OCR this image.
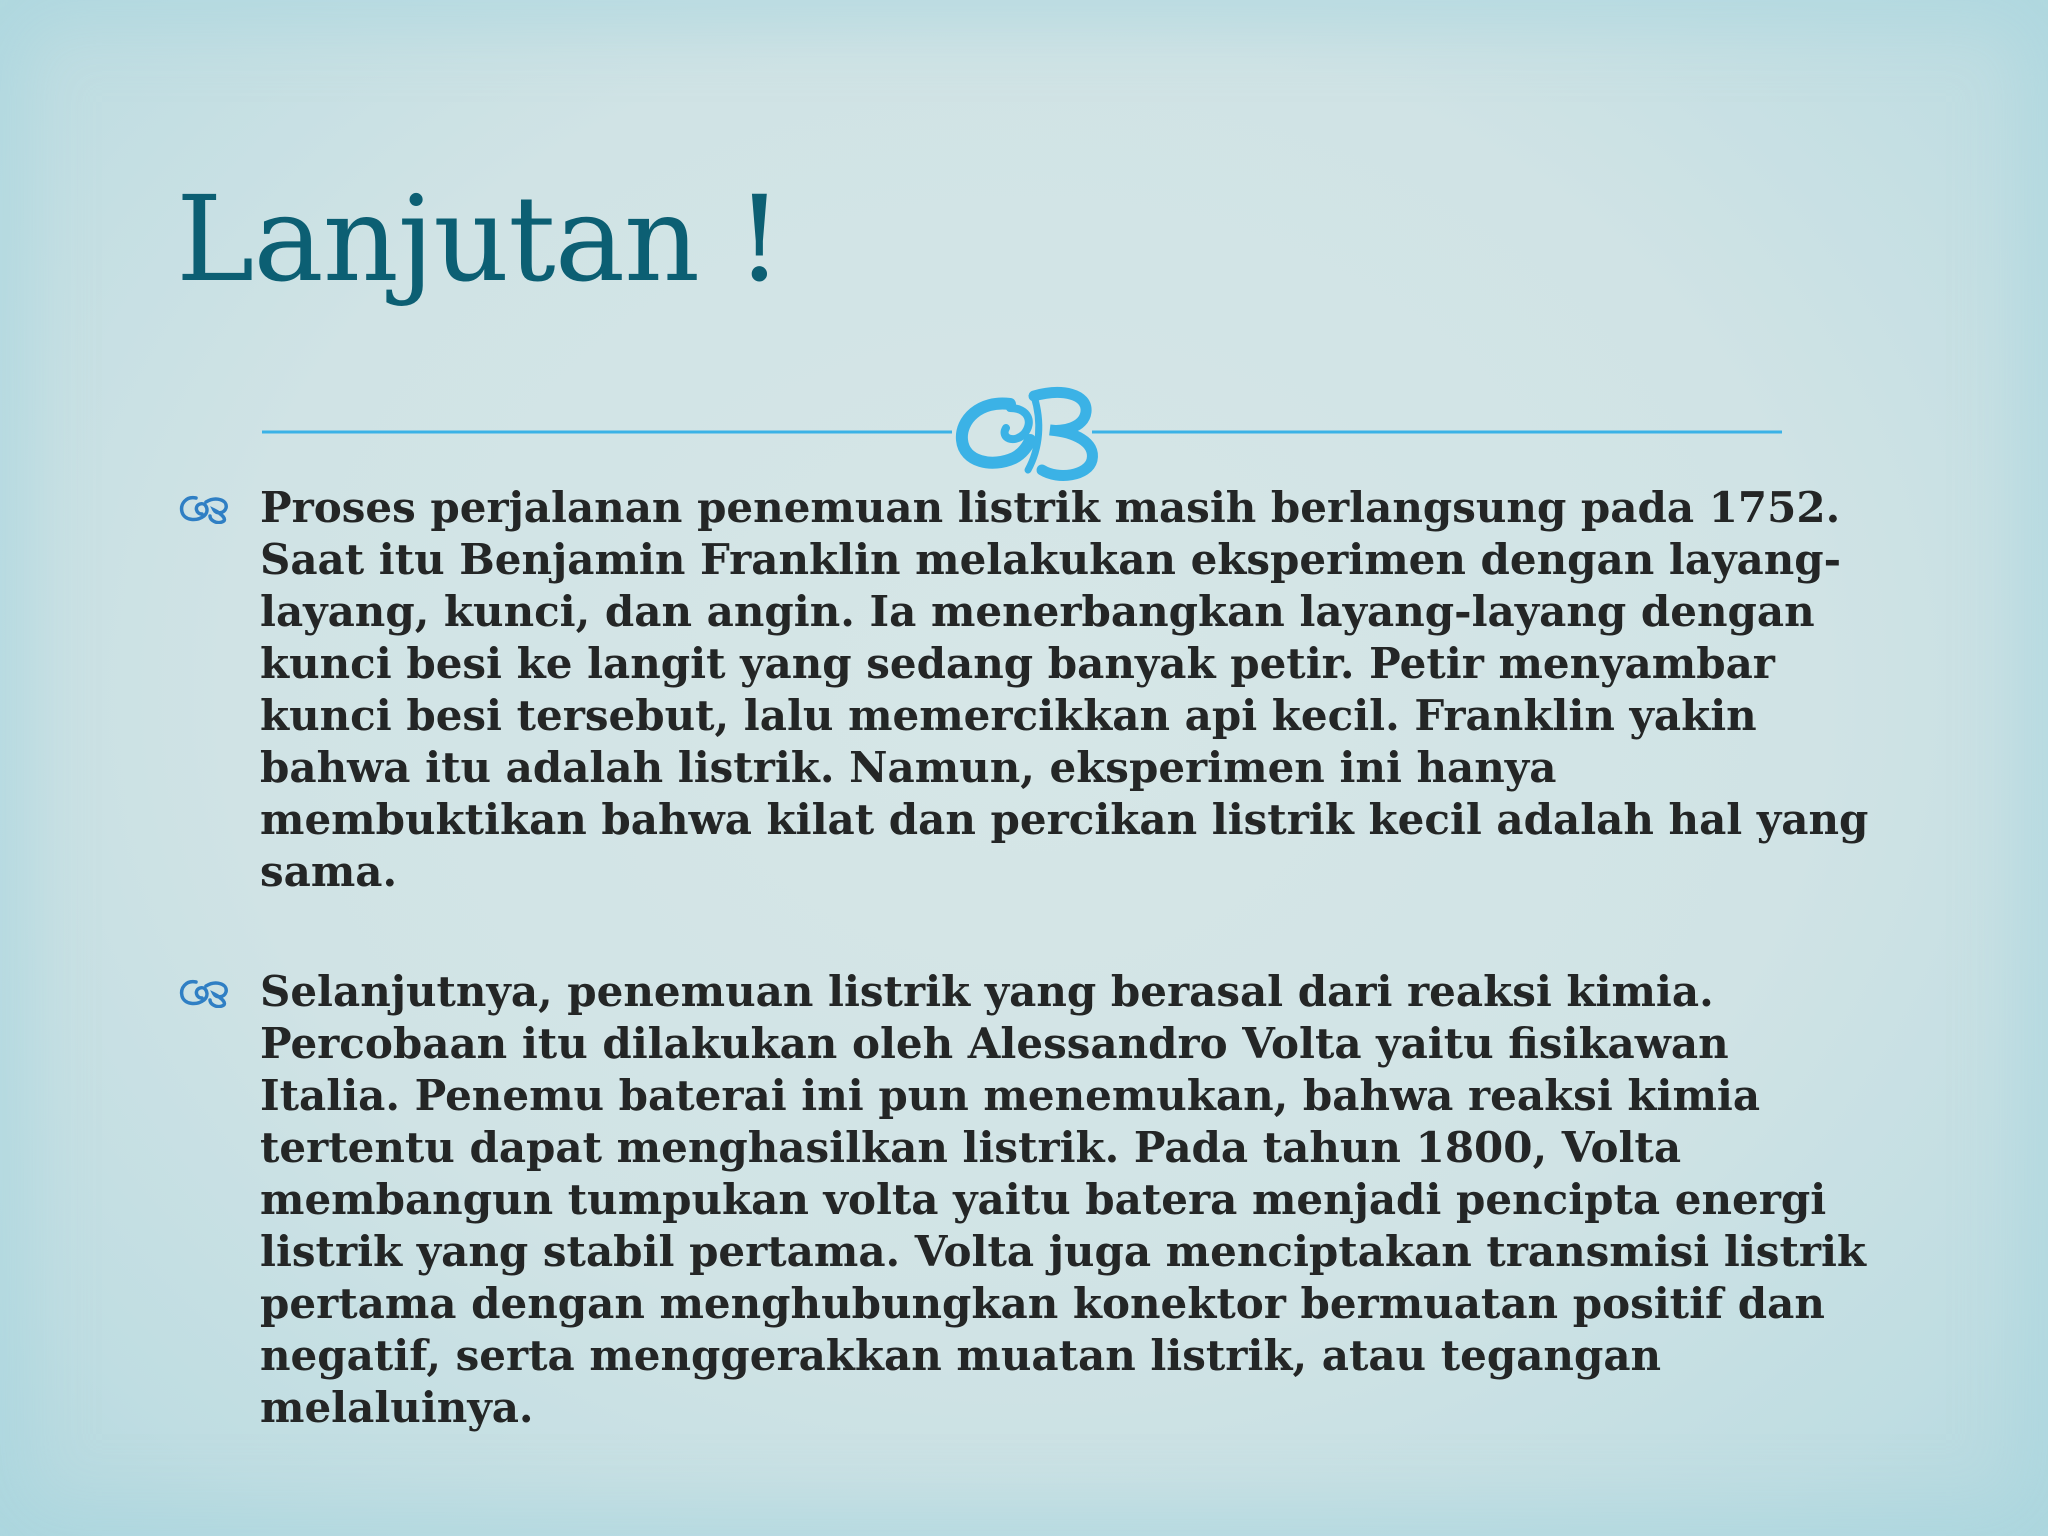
Lanjutan !
Proses perjalanan penemuan listrik masih berlangsung pada 1752. Saat itu Benjamin Franklin melakukan eksperimen dengan layang-layang, kunci, dan angin. Ia menerbangkan layang-layang dengan kunci besi ke langit yang sedang banyak petir. Petir menyambar kunci besi tersebut, lalu memercikkan api kecil. Franklin yakin bahwa itu adalah listrik. Namun, eksperimen ini hanya membuktikan bahwa kilat dan percikan listrik kecil adalah hal yang sama.
Selanjutnya, penemuan listrik yang berasal dari reaksi kimia. Percobaan itu dilakukan oleh Alessandro Volta yaitu fisikawan Italia. Penemu baterai ini pun menemukan, bahwa reaksi kimia tertentu dapat menghasilkan listrik. Pada tahun 1800, Volta membangun tumpukan volta yaitu batera menjadi pencipta energi listrik yang stabil pertama. Volta juga menciptakan transmisi listrik pertama dengan menghubungkan konektor bermuatan positif dan negatif, serta menggerakkan muatan listrik, atau tegangan melaluinya.
